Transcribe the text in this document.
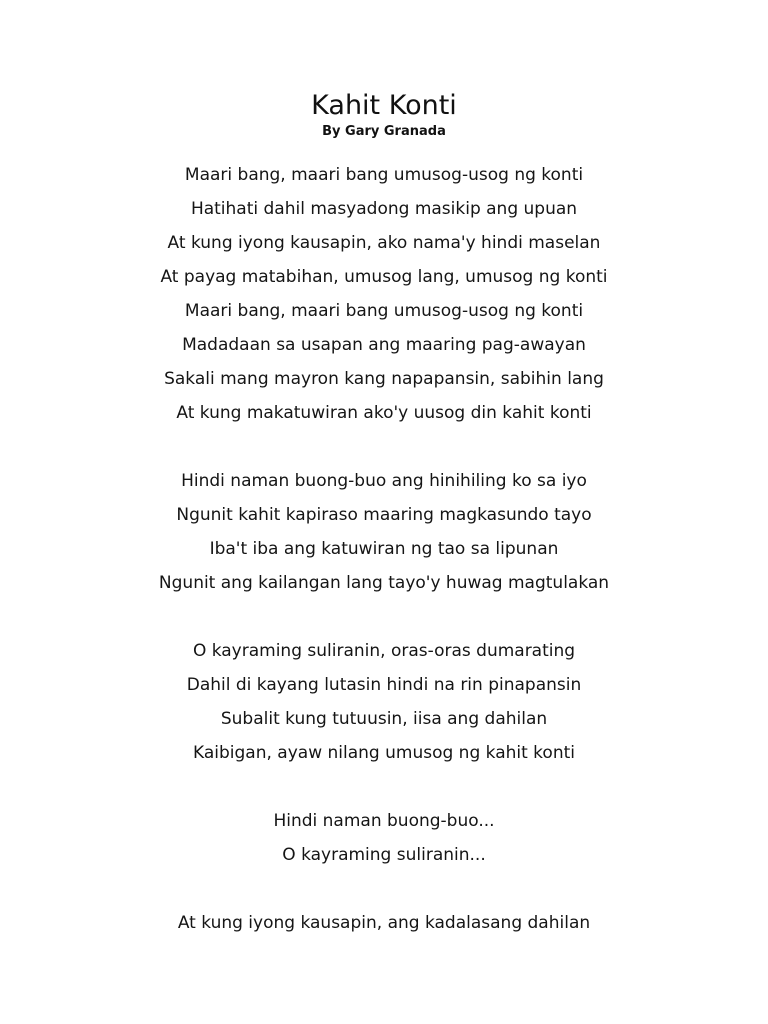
Kahit Konti
By Gary Granada
Maari bang, maari bang umusog-usog ng konti
Hatihati dahil masyadong masikip ang upuan
At kung iyong kausapin, ako nama'y hindi maselan
At payag matabihan, umusog lang, umusog ng konti
Maari bang, maari bang umusog-usog ng konti
Madadaan sa usapan ang maaring pag-awayan
Sakali mang mayron kang napapansin, sabihin lang
At kung makatuwiran ako'y uusog din kahit konti
Hindi naman buong-buo ang hinihiling ko sa iyo
Ngunit kahit kapiraso maaring magkasundo tayo
Iba't iba ang katuwiran ng tao sa lipunan
Ngunit ang kailangan lang tayo'y huwag magtulakan
O kayraming suliranin, oras-oras dumarating
Dahil di kayang lutasin hindi na rin pinapansin
Subalit kung tutuusin, iisa ang dahilan
Kaibigan, ayaw nilang umusog ng kahit konti
Hindi naman buong-buo...
O kayraming suliranin...
At kung iyong kausapin, ang kadalasang dahilan
